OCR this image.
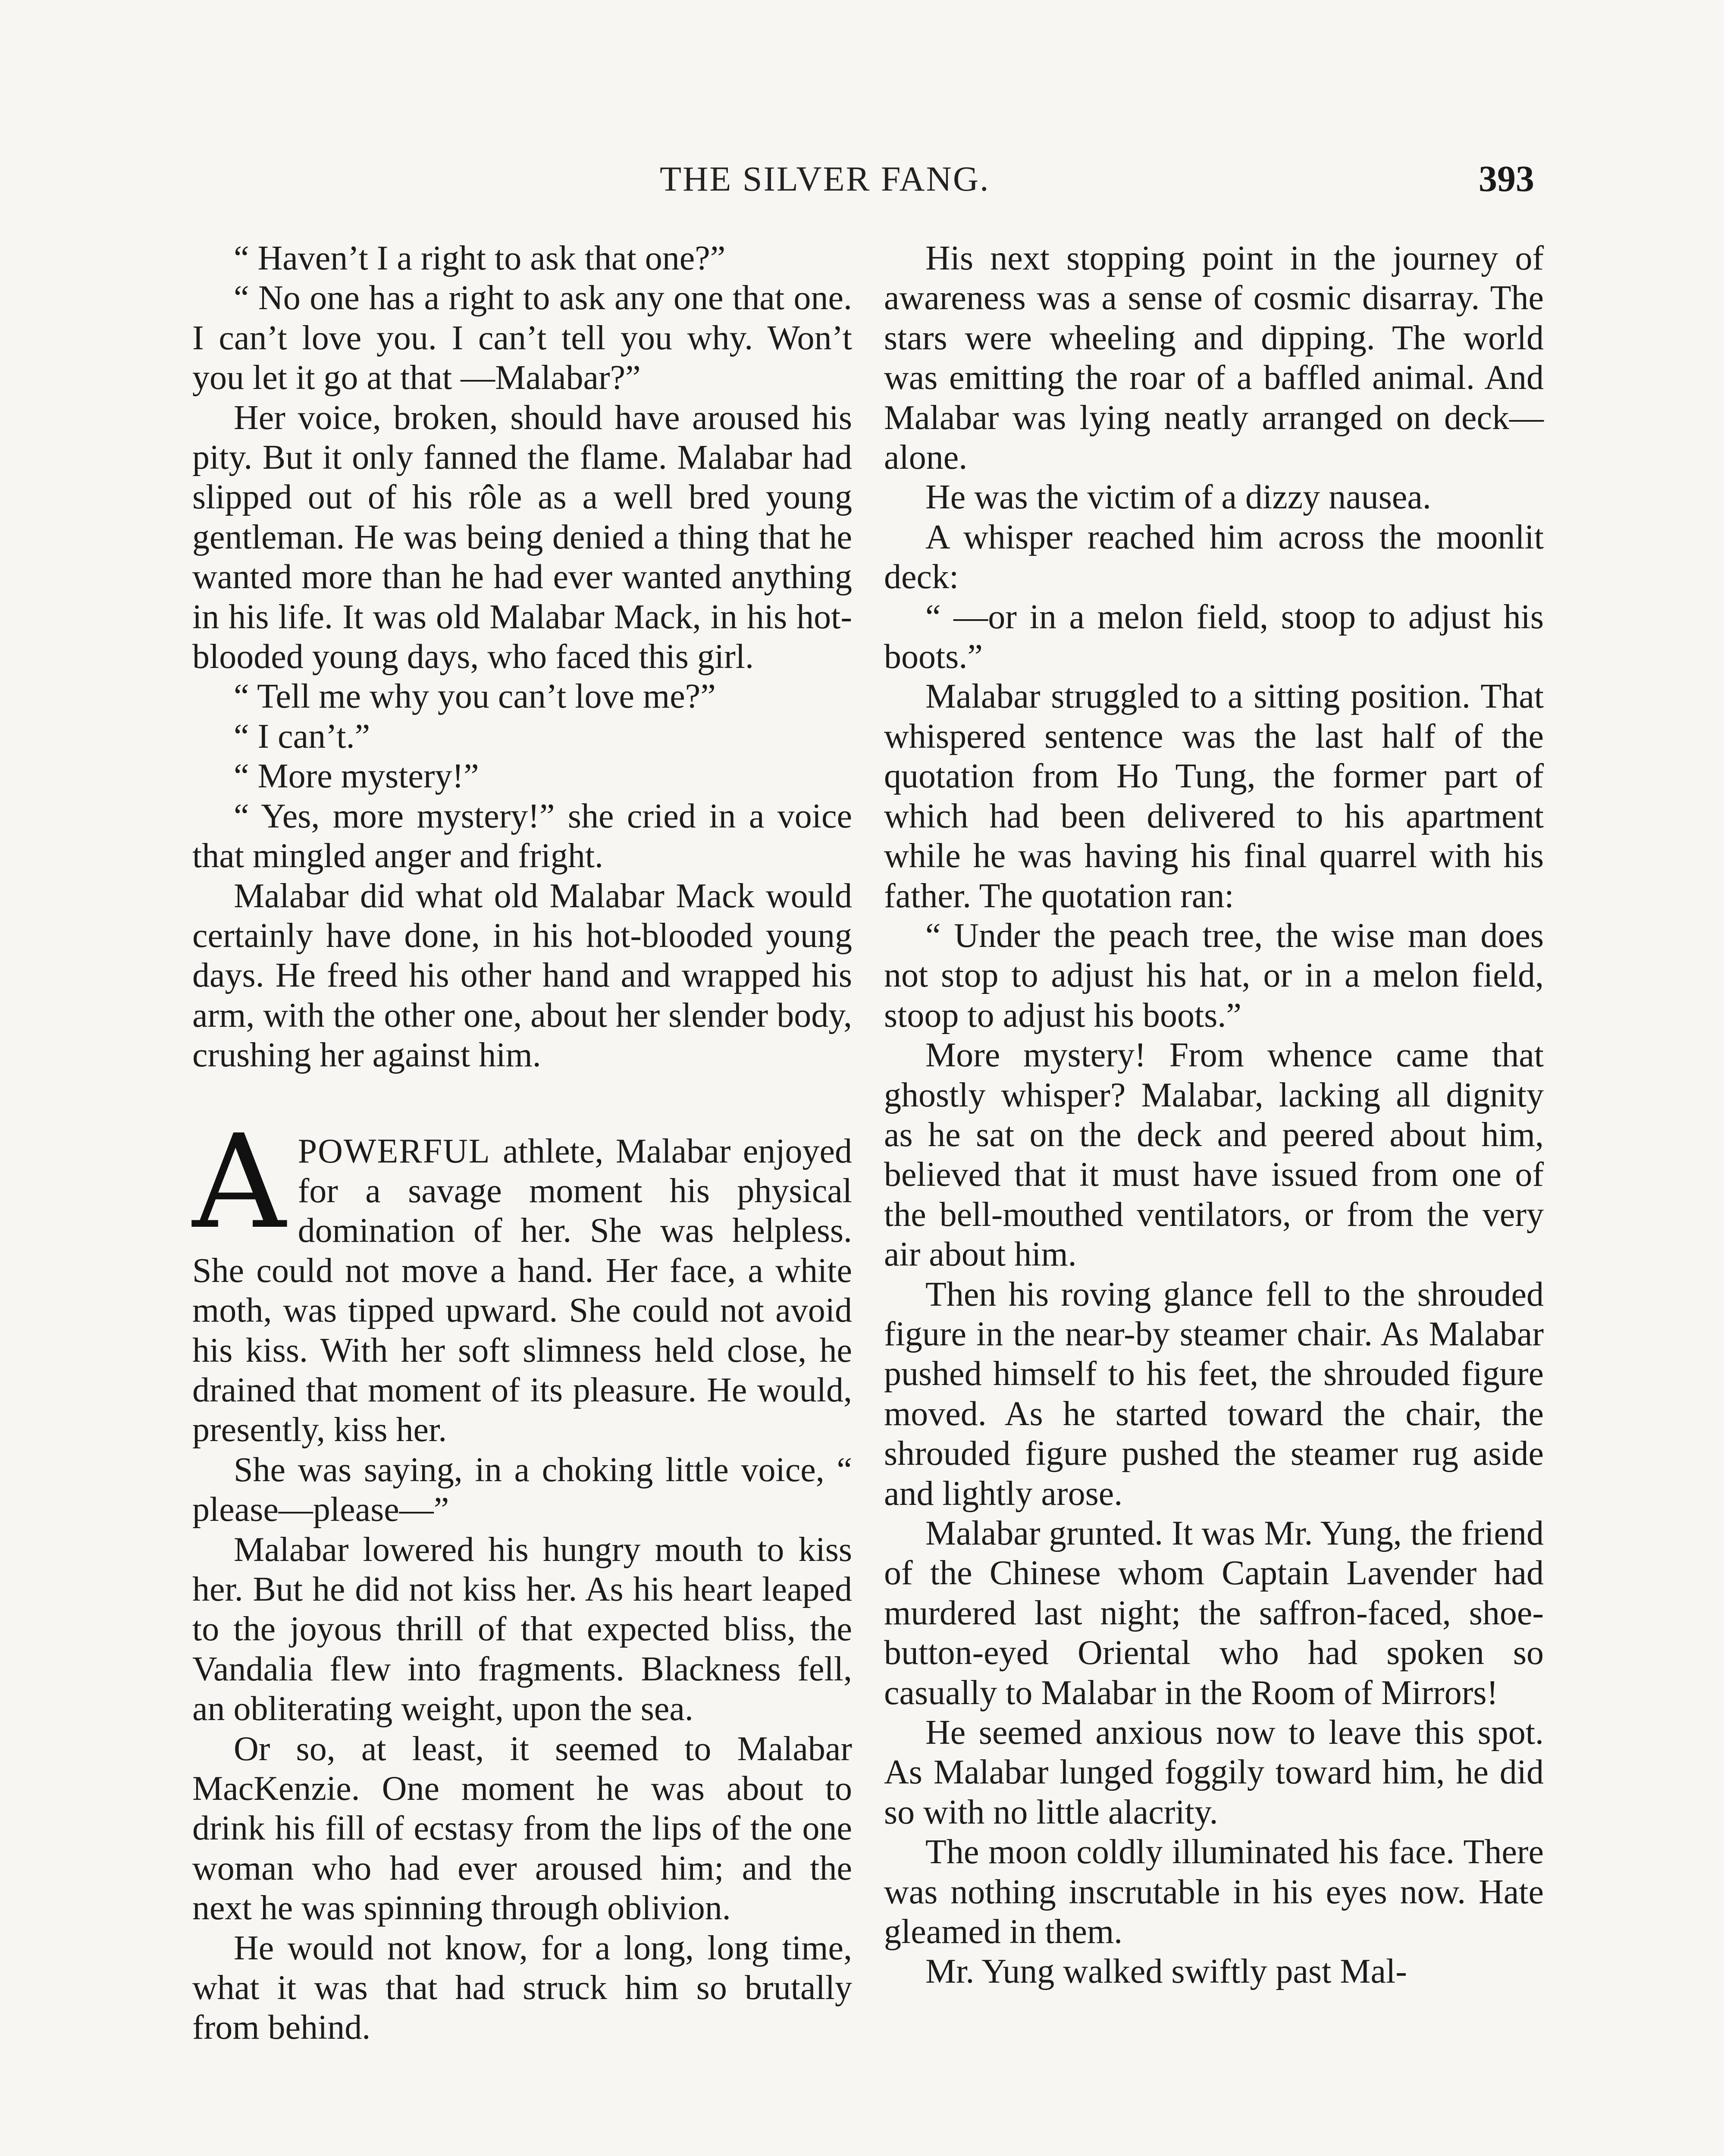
THE SILVER FANG.	393

“ Haven’t I a right to ask that one?”

“ No one has a right to ask any one that one. I can’t love you. I can’t tell you why. Won’t you let it go at that —Malabar?”

Her voice, broken, should have aroused his pity. But it only fanned the flame. Malabar had slipped out of his rôle as a well bred young gentleman. He was being denied a thing that he wanted more than he had ever wanted anything in his life. It was old Malabar Mack, in his hot-blooded young days, who faced this girl.

“ Tell me why you can’t love me?”

“ I can’t.”

“ More mystery!”

“ Yes, more mystery!” she cried in a voice that mingled anger and fright.

Malabar did what old Malabar Mack would certainly have done, in his hot-blooded young days. He freed his other hand and wrapped his arm, with the other one, about her slender body, crushing her against him.

APOWERFUL athlete, Malabar enjoyed for a savage moment his physical domination of her. She was helpless. She could not move a hand. Her face, a white moth, was tipped upward. She could not avoid his kiss. With her soft slimness held close, he drained that moment of its pleasure. He would, presently, kiss her.

She was saying, in a choking little voice, “ please—please—”

Malabar lowered his hungry mouth to kiss her. But he did not kiss her. As his heart leaped to the joyous thrill of that expected bliss, the Vandalia flew into fragments. Blackness fell, an obliterating weight, upon the sea.

Or so, at least, it seemed to Malabar MacKenzie. One moment he was about to drink his fill of ecstasy from the lips of the one woman who had ever aroused him; and the next he was spinning through oblivion.

He would not know, for a long, long time, what it was that had struck him so brutally from behind.

His next stopping point in the journey of awareness was a sense of cosmic disarray. The stars were wheeling and dipping. The world was emitting the roar of a baffled animal. And Malabar was lying neatly arranged on deck—alone.

He was the victim of a dizzy nausea.

A whisper reached him across the moonlit deck:

“ —or in a melon field, stoop to adjust his boots.”

Malabar struggled to a sitting position. That whispered sentence was the last half of the quotation from Ho Tung, the former part of which had been delivered to his apartment while he was having his final quarrel with his father. The quotation ran:

“ Under the peach tree, the wise man does not stop to adjust his hat, or in a melon field, stoop to adjust his boots.”

More mystery! From whence came that ghostly whisper? Malabar, lacking all dignity as he sat on the deck and peered about him, believed that it must have issued from one of the bell-mouthed ventilators, or from the very air about him.

Then his roving glance fell to the shrouded figure in the near-by steamer chair. As Malabar pushed himself to his feet, the shrouded figure moved. As he started toward the chair, the shrouded figure pushed the steamer rug aside and lightly arose.

Malabar grunted. It was Mr. Yung, the friend of the Chinese whom Captain Lavender had murdered last night; the saffron-faced, shoe-button-eyed Oriental who had spoken so casually to Malabar in the Room of Mirrors!

He seemed anxious now to leave this spot. As Malabar lunged foggily toward him, he did so with no little alacrity.

The moon coldly illuminated his face. There was nothing inscrutable in his eyes now. Hate gleamed in them.

Mr. Yung walked swiftly past Mal-
